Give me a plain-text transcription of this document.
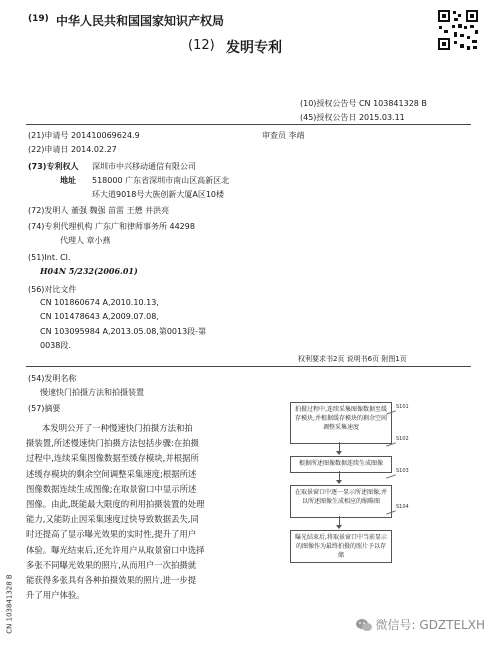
(19) 中华人民共和国国家知识产权局
(12) 发明专利
(10)授权公告号 CN 103841328 B
(45)授权公告日 2015.03.11
(21)申请号 201410069624.9	审查员 李靖
(22)申请日 2014.02.27
(73)专利权人 深圳市中兴移动通信有限公司
地址 518000 广东省深圳市南山区高新区北
环大道9018号大族创新大厦A区10楼
(72)发明人 董强 魏强 苗雷 王懋 井洪亮
(74)专利代理机构 广东广和律师事务所 44298
代理人 章小燕
(51)Int. Cl.
H04N 5/232(2006.01)
(56)对比文件
CN 101860674 A,2010.10.13,
CN 101478643 A,2009.07.08,
CN 103095984 A,2013.05.08,第0013段-第
0038段.
权利要求书2页 说明书6页 附图1页
(54)发明名称
慢速快门拍摄方法和拍摄装置
(57)摘要

本发明公开了一种慢速快门拍摄方法和拍

摄装置,所述慢速快门拍摄方法包括步骤:在拍摄

过程中,连续采集图像数据至缓存模块,并根据所

述缓存模块的剩余空间调整采集速度;根据所述

图像数据连续生成图像;在取景窗口中显示所述

图像。由此,既能最大限度的利用拍摄装置的处理

能力,又能防止因采集速度过快导致数据丢失,同

时还提高了显示曝光效果的实时性,提升了用户

体验。曝光结束后,还允许用户从取景窗口中选择

多张不同曝光效果的照片,从而用户一次拍摄就

能获得多张具有各种拍摄效果的照片,进一步提

升了用户体验。

拍摄过程中,连续采集图像数据至缓存模块,并根据缓存模块的剩余空间调整采集速度
S101
根据所述图像数据连续生成图像
S102
在取景窗口中逐一显示所述图像,并以所述图像生成相应的缩略图
S103
曝光结束后,将取景窗口中当前显示的图像作为最终拍摄的照片予以存储
S104
CN 103841328 B	微信号: GDZTELXH
